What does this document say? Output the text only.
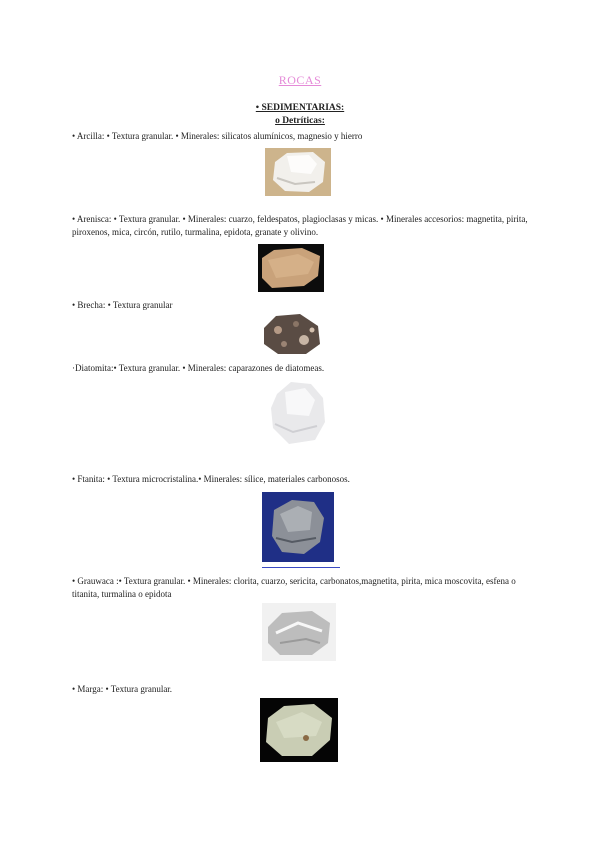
ROCAS
• SEDIMENTARIAS:
o Detríticas:
• Arcilla: • Textura granular. • Minerales: silicatos alumínicos, magnesio y hierro
• Arenisca: • Textura granular. • Minerales: cuarzo, feldespatos, plagioclasas y micas. • Minerales accesorios: magnetita, pirita, piroxenos, mica, circón, rutilo, turmalina, epidota, granate y olivino.
• Brecha: • Textura granular
·Diatomita:• Textura granular. • Minerales: caparazones de diatomeas.
• Ftanita: • Textura microcristalina.• Minerales: sílice, materiales carbonosos.
• Grauwaca :• Textura granular. • Minerales: clorita, cuarzo, sericita, carbonatos,magnetita, pirita, mica moscovita, esfena o titanita, turmalina o epidota
• Marga: • Textura granular.
